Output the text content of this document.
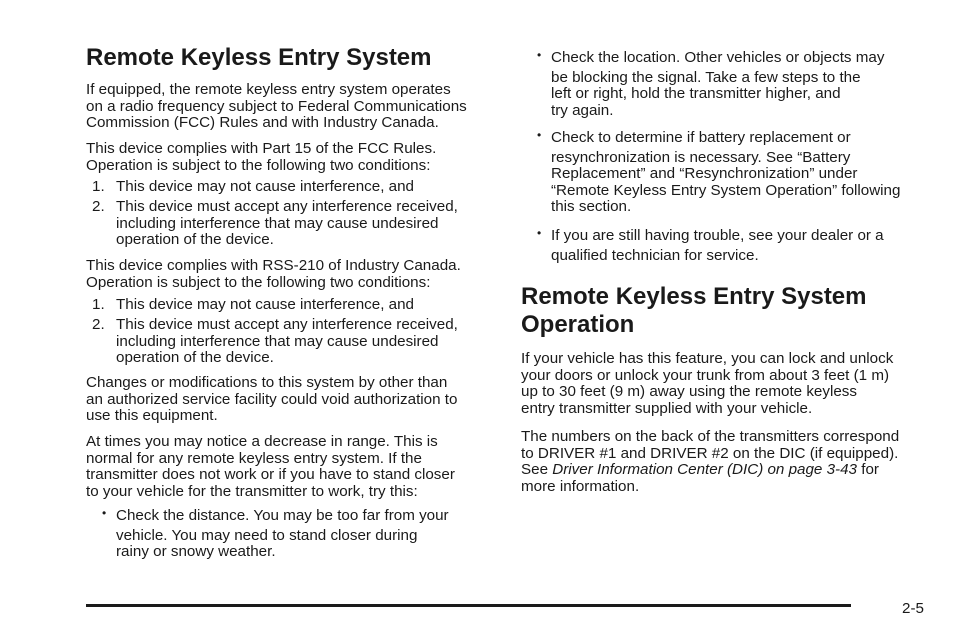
Remote Keyless Entry System
If equipped, the remote keyless entry system operates
on a radio frequency subject to Federal Communications
Commission (FCC) Rules and with Industry Canada.
This device complies with Part 15 of the FCC Rules.
Operation is subject to the following two conditions:
1. This device may not cause interference, and
2. This device must accept any interference received,
including interference that may cause undesired
operation of the device.
This device complies with RSS-210 of Industry Canada.
Operation is subject to the following two conditions:
1. This device may not cause interference, and
2. This device must accept any interference received,
including interference that may cause undesired
operation of the device.
Changes or modifications to this system by other than
an authorized service facility could void authorization to
use this equipment.
At times you may notice a decrease in range. This is
normal for any remote keyless entry system. If the
transmitter does not work or if you have to stand closer
to your vehicle for the transmitter to work, try this:
• Check the distance. You may be too far from your
vehicle. You may need to stand closer during
rainy or snowy weather.
• Check the location. Other vehicles or objects may
be blocking the signal. Take a few steps to the
left or right, hold the transmitter higher, and
try again.
• Check to determine if battery replacement or
resynchronization is necessary. See “Battery
Replacement” and “Resynchronization” under
“Remote Keyless Entry System Operation” following
this section.
• If you are still having trouble, see your dealer or a
qualified technician for service.
Remote Keyless Entry System
Operation
If your vehicle has this feature, you can lock and unlock
your doors or unlock your trunk from about 3 feet (1 m)
up to 30 feet (9 m) away using the remote keyless
entry transmitter supplied with your vehicle.
The numbers on the back of the transmitters correspond
to DRIVER #1 and DRIVER #2 on the DIC (if equipped).
See Driver Information Center (DIC) on page 3-43 for
more information.
2-5
